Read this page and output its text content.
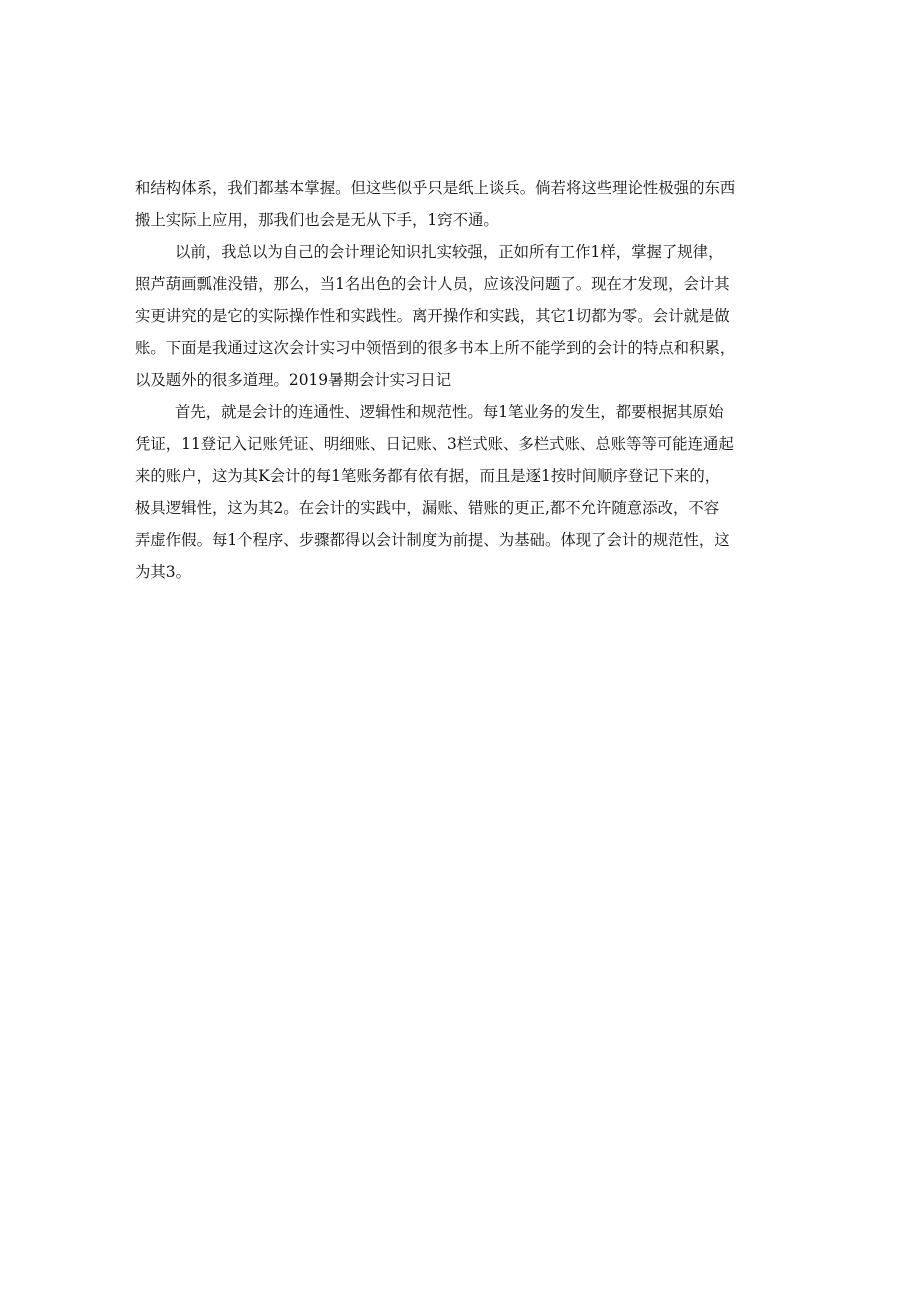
和结构体系，我们都基本掌握。但这些似乎只是纸上谈兵。倘若将这些理论性极强的东西
搬上实际上应用，那我们也会是无从下手，1窍不通。
以前，我总以为自己的会计理论知识扎实较强，正如所有工作1样，掌握了规律，
照芦葫画瓢准没错，那么，当1名出色的会计人员，应该没问题了。现在才发现，会计其
实更讲究的是它的实际操作性和实践性。离开操作和实践，其它1切都为零。会计就是做
账。下面是我通过这次会计实习中领悟到的很多书本上所不能学到的会计的特点和积累，
以及题外的很多道理。2019暑期会计实习日记
首先，就是会计的连通性、逻辑性和规范性。每1笔业务的发生，都要根据其原始
凭证，11登记入记账凭证、明细账、日记账、3栏式账、多栏式账、总账等等可能连通起
来的账户，这为其K会计的每1笔账务都有依有据，而且是逐1按时间顺序登记下来的，
极具逻辑性，这为其2。在会计的实践中，漏账、错账的更正,都不允许随意添改，不容
弄虚作假。每1个程序、步骤都得以会计制度为前提、为基础。体现了会计的规范性，这
为其3。
